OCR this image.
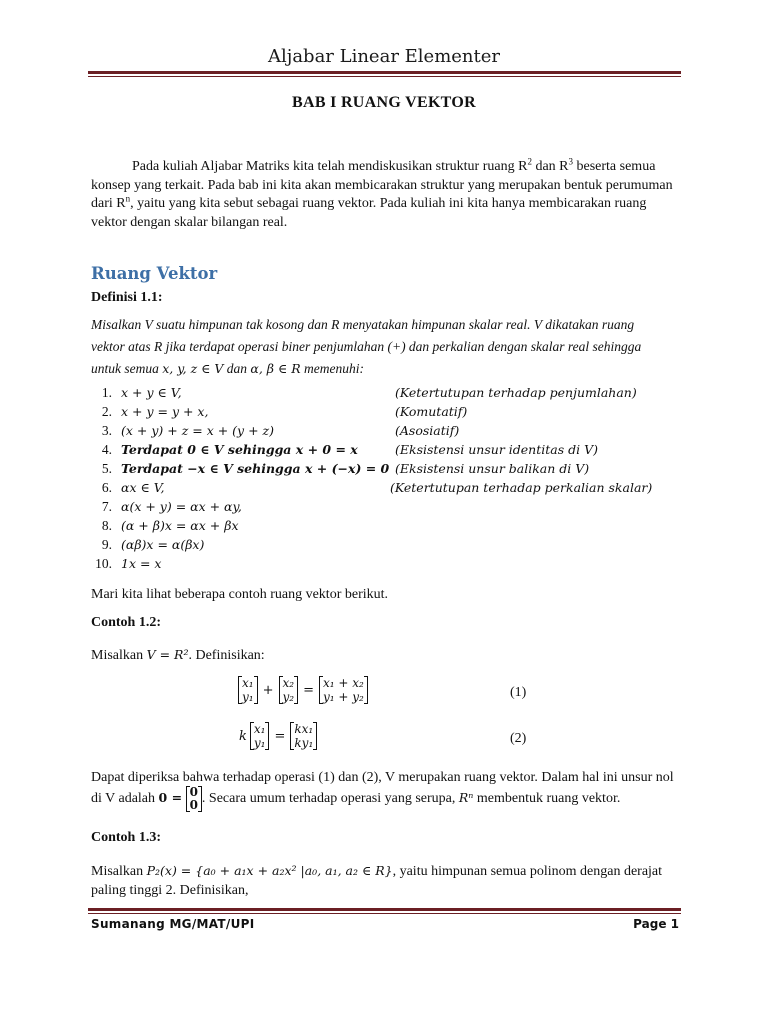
Aljabar Linear Elementer
BAB I RUANG VEKTOR

Pada kuliah Aljabar Matriks kita telah mendiskusikan struktur ruang $R^2$ dan $R^3$ beserta semua

konsep yang terkait. Pada bab ini kita akan membicarakan struktur yang merupakan bentuk perumuman

dari $R^n$, yaitu yang kita sebut sebagai ruang vektor. Pada kuliah ini kita hanya membicarakan ruang

vektor dengan skalar bilangan real.

Ruang Vektor
Definisi 1.1:
Misalkan V suatu himpunan tak kosong dan R menyatakan himpunan skalar real. V dikatakan ruang
vektor atas R jika terdapat operasi biner penjumlahan (+) dan perkalian dengan skalar real sehingga
untuk semua x, y, z ∈ V dan α, β ∈ R memenuhi:
1. x + y ∈ V,	(Ketertutupan terhadap penjumlahan)
2. x + y = y + x,	(Komutatif)
3. (x + y) + z = x + (y + z)	(Asosiatif)
4. Terdapat 0 ∈ V sehingga x + 0 = x	(Eksistensi unsur identitas di V)
5. Terdapat −x ∈ V sehingga x + (−x) = 0 (Eksistensi unsur balikan di V)
6. αx ∈ V,	(Ketertutupan terhadap perkalian skalar)
7. α(x + y) = αx + αy,
8. (α + β)x = αx + βx
9. (αβ)x = α(βx)
10. 1x = x
Mari kita lihat beberapa contoh ruang vektor berikut.
Contoh 1.2:
Misalkan V = R². Definisikan:
x₁
y₁ + x₂
y₂ = x₁ + x₂
y₁ + y₂	(1)
k x₁
y₁ = kx₁
ky₁	(2)
Dapat diperiksa bahwa terhadap operasi (1) dan (2), V merupakan ruang vektor. Dalam hal ini unsur nol
di V adalah 0 = 0
0 . Secara umum terhadap operasi yang serupa, Rⁿ membentuk ruang vektor.
Contoh 1.3:
Misalkan P₂(x) = {a₀ + a₁x + a₂x² |a₀, a₁, a₂ ∈ R}, yaitu himpunan semua polinom dengan derajat
paling tinggi 2. Definisikan,
Sumanang MG/MAT/UPI	Page 1
